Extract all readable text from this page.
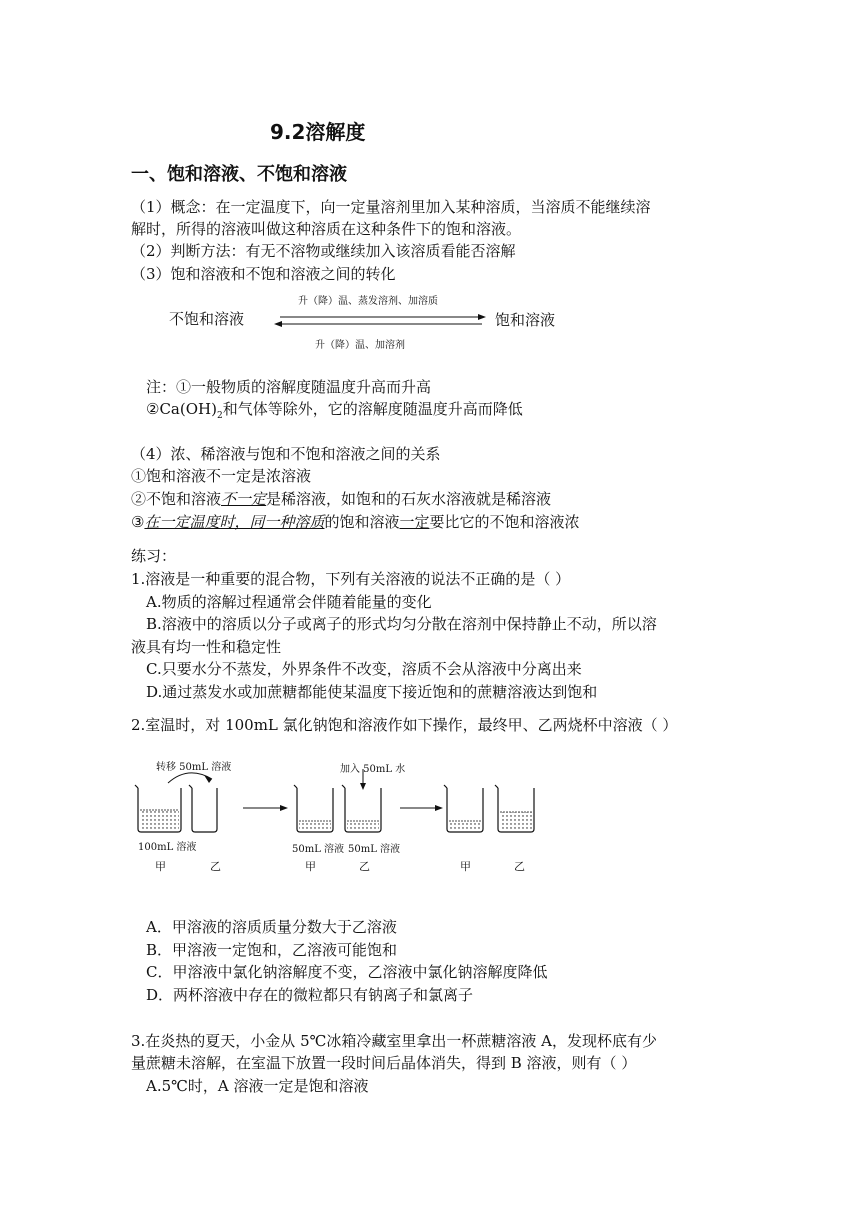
9.2溶解度
一、饱和溶液、不饱和溶液
（1）概念：在一定温度下，向一定量溶剂里加入某种溶质，当溶质不能继续溶
解时，所得的溶液叫做这种溶质在这种条件下的饱和溶液。
（2）判断方法：有无不溶物或继续加入该溶质看能否溶解
（3）饱和溶液和不饱和溶液之间的转化
不饱和溶液	饱和溶液
升（降）温、蒸发溶剂、加溶质
升（降）温、加溶剂
注：①一般物质的溶解度随温度升高而升高
$②Ca(OH)_2$和气体等除外，它的溶解度随温度升高而降低
（4）浓、稀溶液与饱和不饱和溶液之间的关系
①饱和溶液不一定是浓溶液
②不饱和溶液不一定是稀溶液，如饱和的石灰水溶液就是稀溶液
③在一定温度时，同一种溶质的饱和溶液一定要比它的不饱和溶液浓
练习：
1.溶液是一种重要的混合物，下列有关溶液的说法不正确的是（ ）
A.物质的溶解过程通常会伴随着能量的变化
B.溶液中的溶质以分子或离子的形式均匀分散在溶剂中保持静止不动，所以溶
液具有均一性和稳定性
C.只要水分不蒸发，外界条件不改变，溶质不会从溶液中分离出来
D.通过蒸发水或加蔗糖都能使某温度下接近饱和的蔗糖溶液达到饱和
2.室温时，对 100mL 氯化钠饱和溶液作如下操作，最终甲、乙两烧杯中溶液（ ）
转移 50mL 溶液	加入 50mL 水
100mL 溶液	50mL 溶液 50mL 溶液
甲	乙	甲	乙	甲	乙
A．甲溶液的溶质质量分数大于乙溶液
B．甲溶液一定饱和，乙溶液可能饱和
C．甲溶液中氯化钠溶解度不变，乙溶液中氯化钠溶解度降低
D．两杯溶液中存在的微粒都只有钠离子和氯离子
3.在炎热的夏天，小金从 5℃冰箱冷藏室里拿出一杯蔗糖溶液 A，发现杯底有少
量蔗糖未溶解，在室温下放置一段时间后晶体消失，得到 B 溶液，则有（ ）
A.5℃时，A 溶液一定是饱和溶液
